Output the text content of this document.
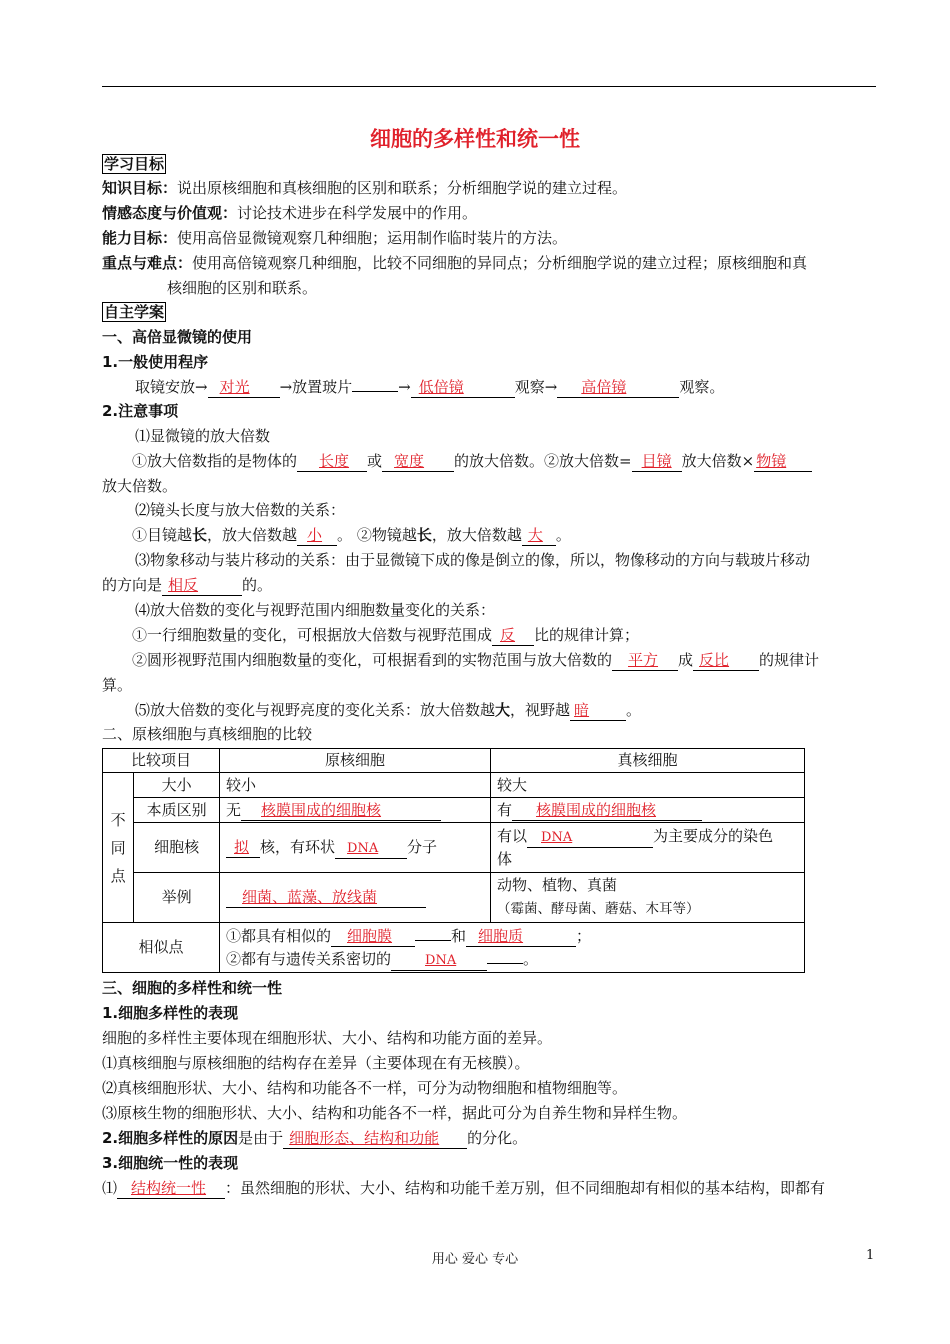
细胞的多样性和统一性
学习目标
知识目标：说出原核细胞和真核细胞的区别和联系；分析细胞学说的建立过程。
情感态度与价值观：讨论技术进步在科学发展中的作用。
能力目标：使用高倍显微镜观察几种细胞；运用制作临时装片的方法。
重点与难点：使用高倍镜观察几种细胞，比较不同细胞的异同点；分析细胞学说的建立过程；原核细胞和真
核细胞的区别和联系。
自主学案
一、高倍显微镜的使用
1.一般使用程序
取镜安放→ 对光 →放置玻片	→ 低倍镜	观察→ 高倍镜	观察。
2.注意事项
⑴显微镜的放大倍数
①放大倍数指的是物体的 长度 或 宽度 的放大倍数。②放大倍数= 目镜 放大倍数× 物镜
放大倍数。
⑵镜头长度与放大倍数的关系：
①目镜越长，放大倍数越 小 。 ②物镜越长，放大倍数越 大 。
⑶物象移动与装片移动的关系：由于显微镜下成的像是倒立的像，所以，物像移动的方向与载玻片移动
的方向是 相反	的。
⑷放大倍数的变化与视野范围内细胞数量变化的关系：
①一行细胞数量的变化，可根据放大倍数与视野范围成 反 比的规律计算；
②圆形视野范围内细胞数量的变化，可根据看到的实物范围与放大倍数的 平方 成 反比 的规律计
算。
⑸放大倍数的变化与视野亮度的变化关系：放大倍数越大，视野越 暗 。
二、原核细胞与真核细胞的比较
比较项目		原核细胞	真核细胞
不同点	大小	较小	较大
	本质区别	无 核膜围成的细胞核	有 核膜围成的细胞核
	细胞核	拟 核，有环状 DNA 分子	有以 DNA 为主要成分的染色
体
	举例	细菌、蓝藻、放线菌	动物、植物、真菌
（霉菌、酵母菌、蘑菇、木耳等）
相似点		①都具有相似的 细胞膜 和 细胞质 ；
②都有与遗传关系密切的 DNA 。	
三、细胞的多样性和统一性
1.细胞多样性的表现
细胞的多样性主要体现在细胞形状、大小、结构和功能方面的差异。
⑴真核细胞与原核细胞的结构存在差异（主要体现在有无核膜）。
⑵真核细胞形状、大小、结构和功能各不一样，可分为动物细胞和植物细胞等。
⑶原核生物的细胞形状、大小、结构和功能各不一样，据此可分为自养生物和异样生物。
2.细胞多样性的原因是由于 细胞形态、结构和功能 的分化。
3.细胞统一性的表现
⑴ 结构统一性 ：虽然细胞的形状、大小、结构和功能千差万别，但不同细胞却有相似的基本结构，即都有
用心 爱心 专心	1
